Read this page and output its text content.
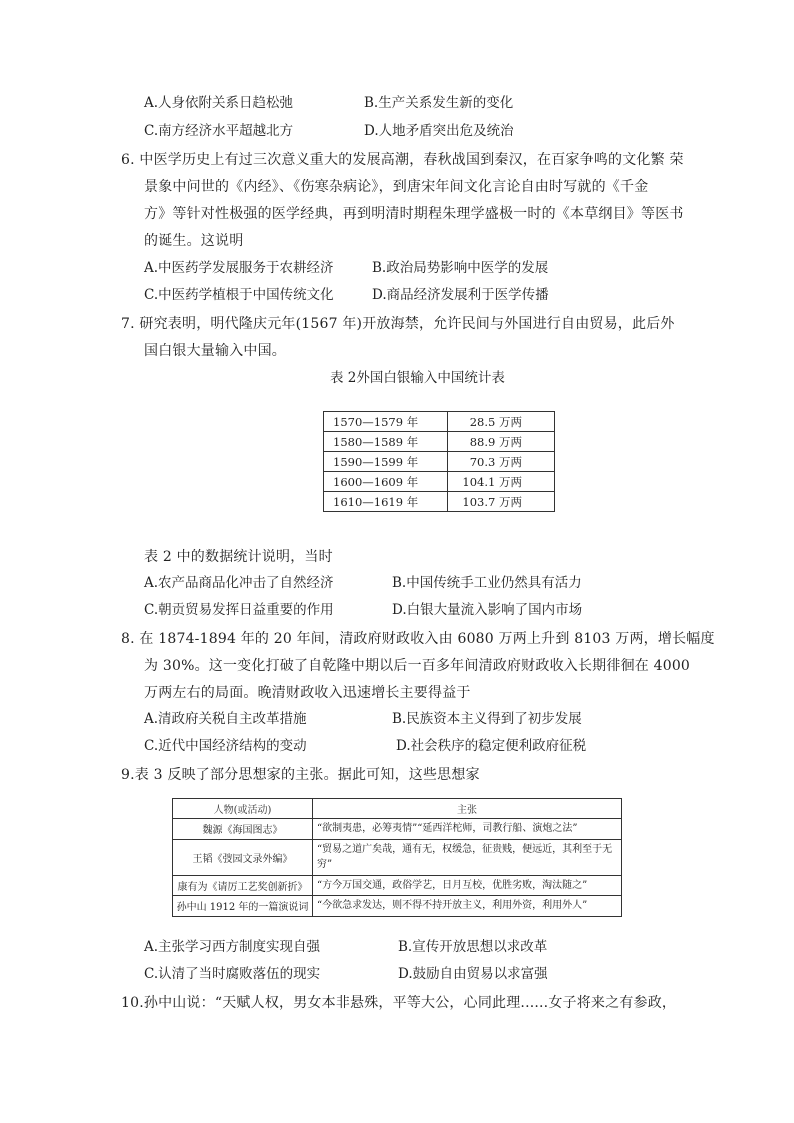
A.人身依附关系日趋松弛	B.生产关系发生新的变化
C.南方经济水平超越北方	D.人地矛盾突出危及统治
6. 中医学历史上有过三次意义重大的发展高潮，春秋战国到秦汉，在百家争鸣的文化繁 荣
景象中问世的《内经》、《伤寒杂病论》，到唐宋年间文化言论自由时写就的《千金
方》等针对性极强的医学经典，再到明清时期程朱理学盛极一时的《本草纲目》等医书
的诞生。这说明
A.中医药学发展服务于农耕经济	B.政治局势影响中医学的发展
C.中医药学植根于中国传统文化	D.商品经济发展利于医学传播
7. 研究表明，明代隆庆元年(1567 年)开放海禁，允许民间与外国进行自由贸易，此后外
国白银大量输入中国。
表 2外国白银输入中国统计表
1570—1579 年	28.5 万两
1580—1589 年	88.9 万两
1590—1599 年	70.3 万两
1600—1609 年	104.1 万两
1610—1619 年	103.7 万两
表 2 中的数据统计说明，当时
A.农产品商品化冲击了自然经济	B.中国传统手工业仍然具有活力
C.朝贡贸易发挥日益重要的作用	D.白银大量流入影响了国内市场
8. 在 1874-1894 年的 20 年间，清政府财政收入由 6080 万两上升到 8103 万两，增长幅度
为 30%。这一变化打破了自乾隆中期以后一百多年间清政府财政收入长期徘徊在 4000
万两左右的局面。晚清财政收入迅速增长主要得益于
A.清政府关税自主改革措施	B.民族资本主义得到了初步发展
C.近代中国经济结构的变动	D.社会秩序的稳定便利政府征税
9.表 3 反映了部分思想家的主张。据此可知，这些思想家
人物(或活动)	主张
魏源《海国图志》	“欲制夷患，必筹夷情”“延西洋柁师，司教行船、演炮之法”
王韬《弢园文录外编》	“贸易之道广矣哉，通有无，权缓急，征贵贱，便远近，其利至于无穷”
康有为《请厉工艺奖创新折》	“方今万国交通，政俗学艺，日月互校，优胜劣败，淘汰随之”
孙中山 1912 年的一篇演说词	“今欲急求发达，则不得不持开放主义，利用外资，利用外人”
A.主张学习西方制度实现自强	B.宣传开放思想以求改革
C.认清了当时腐败落伍的现实	D.鼓励自由贸易以求富强
10.孙中山说：“天赋人权，男女本非悬殊，平等大公，心同此理......女子将来之有参政，
